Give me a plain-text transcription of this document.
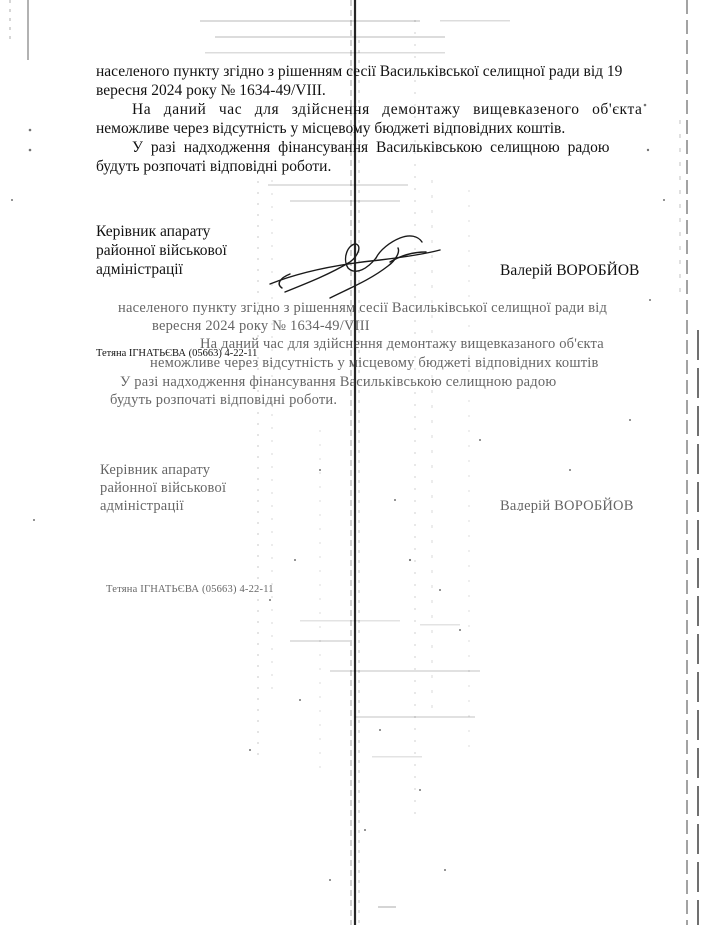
населеного пункту згідно з рішенням сесії Васильківської селищної ради від 19
вересня 2024 року № 1634-49/VIII.
На даний час для здійснення демонтажу вищевказеного об'єкта
неможливе через відсутність у місцевому бюджеті відповідних коштів.
У разі надходження фінансування Васильківською селищною радою
будуть розпочаті відповідні роботи.
Керівник апарату
районної військової
адміністрації	Валерій ВОРОБЙОВ
Тетяна ІГНАТЬЄВА (05663) 4-22-11
населеного пункту згідно з рішенням сесії Васильківської селищної ради від
вересня 2024 року № 1634-49/VIII
На даний час для здійснення демонтажу вищевказаного об'єкта
неможливе через відсутність у місцевому бюджеті відповідних коштів
У разі надходження фінансування Васильківською селищною радою
будуть розпочаті відповідні роботи.
Керівник апарату
районної військової
адміністрації	Валерій ВОРОБЙОВ
Тетяна ІГНАТЬЄВА (05663) 4-22-11
